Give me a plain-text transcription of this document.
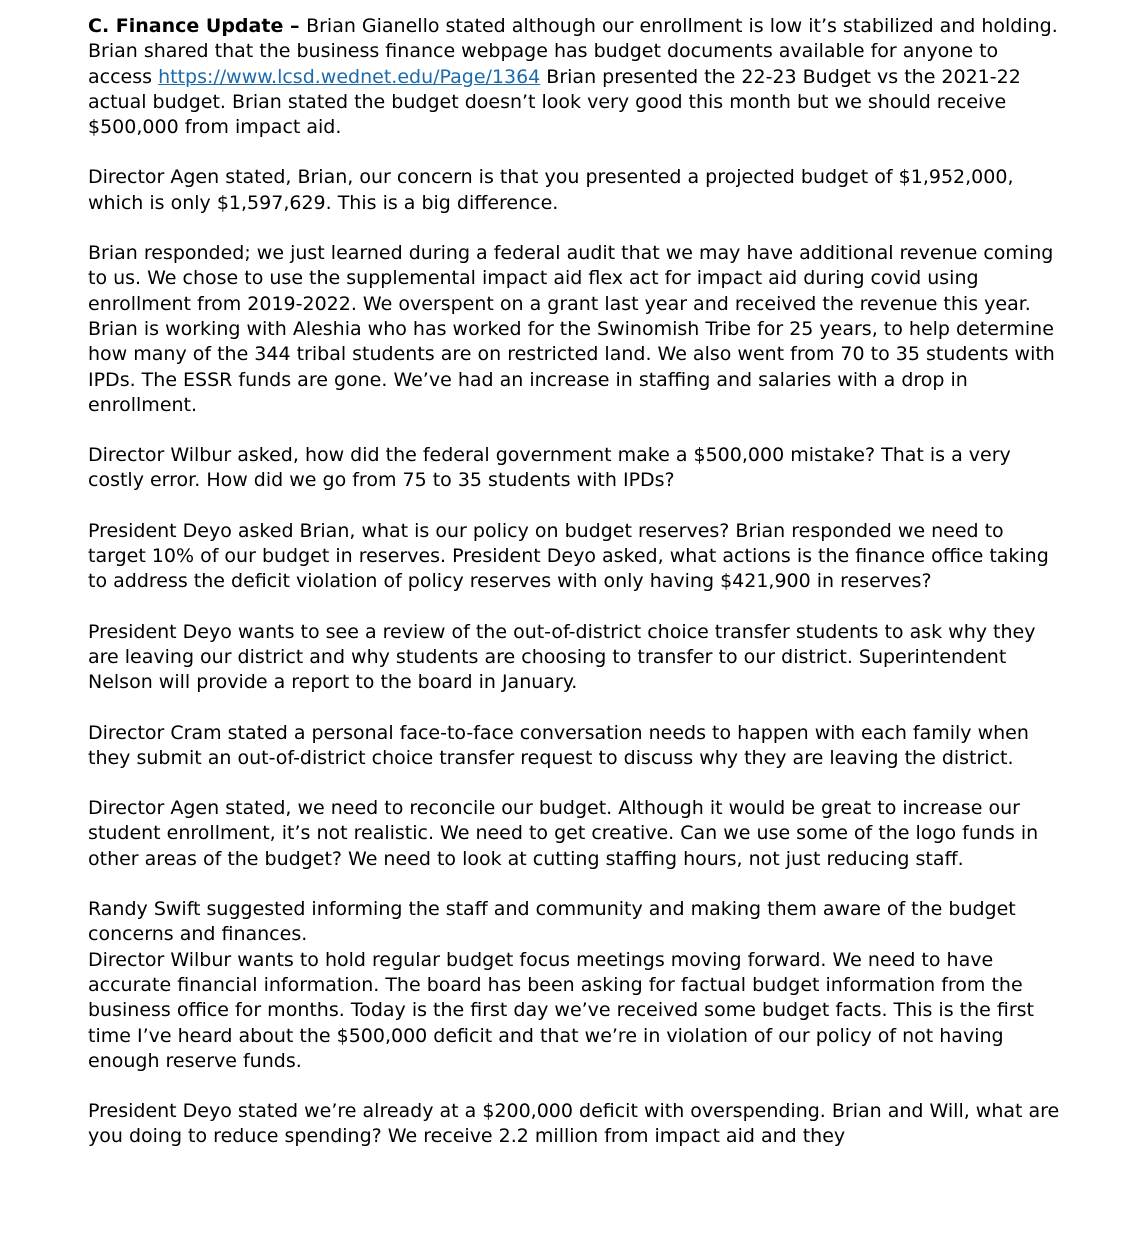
C. Finance Update – Brian Gianello stated although our enrollment is low it’s stabilized and holding. Brian shared that the business finance webpage has budget documents available for anyone to access https://www.lcsd.wednet.edu/Page/1364 Brian presented the 22-23 Budget vs the 2021-22 actual budget. Brian stated the budget doesn’t look very good this month but we should receive $500,000 from impact aid.

Director Agen stated, Brian, our concern is that you presented a projected budget of $1,952,000, which is only $1,597,629. This is a big difference.

Brian responded; we just learned during a federal audit that we may have additional revenue coming to us. We chose to use the supplemental impact aid flex act for impact aid during covid using enrollment from 2019-2022. We overspent on a grant last year and received the revenue this year. Brian is working with Aleshia who has worked for the Swinomish Tribe for 25 years, to help determine how many of the 344 tribal students are on restricted land. We also went from 70 to 35 students with IPDs. The ESSR funds are gone. We’ve had an increase in staffing and salaries with a drop in enrollment.

Director Wilbur asked, how did the federal government make a $500,000 mistake? That is a very costly error. How did we go from 75 to 35 students with IPDs?

President Deyo asked Brian, what is our policy on budget reserves? Brian responded we need to target 10% of our budget in reserves. President Deyo asked, what actions is the finance office taking to address the deficit violation of policy reserves with only having $421,900 in reserves?

President Deyo wants to see a review of the out-of-district choice transfer students to ask why they are leaving our district and why students are choosing to transfer to our district. Superintendent Nelson will provide a report to the board in January.

Director Cram stated a personal face-to-face conversation needs to happen with each family when they submit an out-of-district choice transfer request to discuss why they are leaving the district.

Director Agen stated, we need to reconcile our budget. Although it would be great to increase our student enrollment, it’s not realistic. We need to get creative. Can we use some of the logo funds in other areas of the budget? We need to look at cutting staffing hours, not just reducing staff.

Randy Swift suggested informing the staff and community and making them aware of the budget concerns and finances.

Director Wilbur wants to hold regular budget focus meetings moving forward. We need to have accurate financial information. The board has been asking for factual budget information from the business office for months. Today is the first day we’ve received some budget facts. This is the first time I’ve heard about the $500,000 deficit and that we’re in violation of our policy of not having enough reserve funds.

President Deyo stated we’re already at a $200,000 deficit with overspending. Brian and Will, what are you doing to reduce spending? We receive 2.2 million from impact aid and they
